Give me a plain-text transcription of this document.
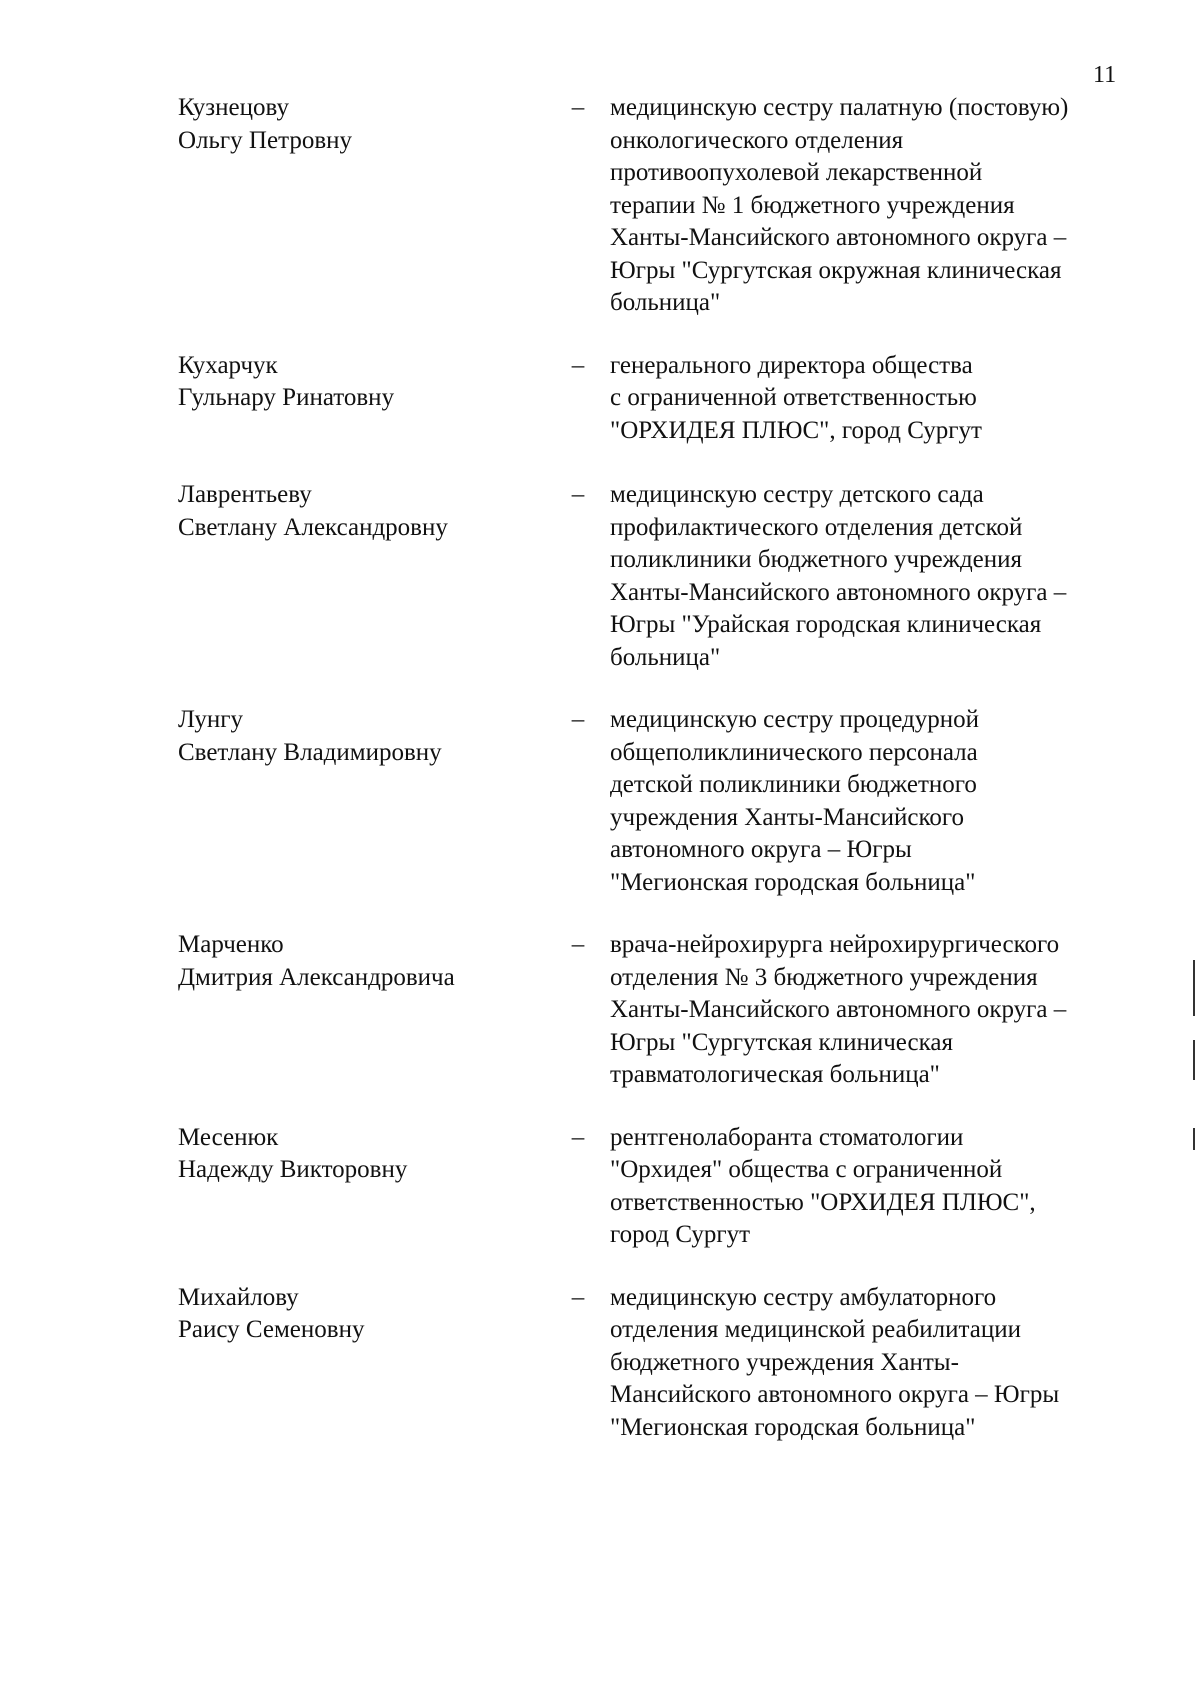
11
Кузнецову
Ольгу Петровну
–	медицинскую сестру палатную (постовую)
онкологического отделения
противоопухолевой лекарственной
терапии № 1 бюджетного учреждения
Ханты-Мансийского автономного округа –
Югры "Сургутская окружная клиническая
больница"
Кухарчук
Гульнару Ринатовну
–	генерального директора общества
с ограниченной ответственностью
"ОРХИДЕЯ ПЛЮС", город Сургут
Лаврентьеву
Светлану Александровну
–	медицинскую сестру детского сада
профилактического отделения детской
поликлиники бюджетного учреждения
Ханты-Мансийского автономного округа –
Югры "Урайская городская клиническая
больница"
Лунгу
Светлану Владимировну
–	медицинскую сестру процедурной
общеполиклинического персонала
детской поликлиники бюджетного
учреждения Ханты-Мансийского
автономного округа – Югры
"Мегионская городская больница"
Марченко
Дмитрия Александровича
–	врача-нейрохирурга нейрохирургического
отделения № 3 бюджетного учреждения
Ханты-Мансийского автономного округа –
Югры "Сургутская клиническая
травматологическая больница"
Месенюк
Надежду Викторовну
–	рентгенолаборанта стоматологии
"Орхидея" общества с ограниченной
ответственностью "ОРХИДЕЯ ПЛЮС",
город Сургут
Михайлову
Раису Семеновну
–	медицинскую сестру амбулаторного
отделения медицинской реабилитации
бюджетного учреждения Ханты-
Мансийского автономного округа – Югры
"Мегионская городская больница"
